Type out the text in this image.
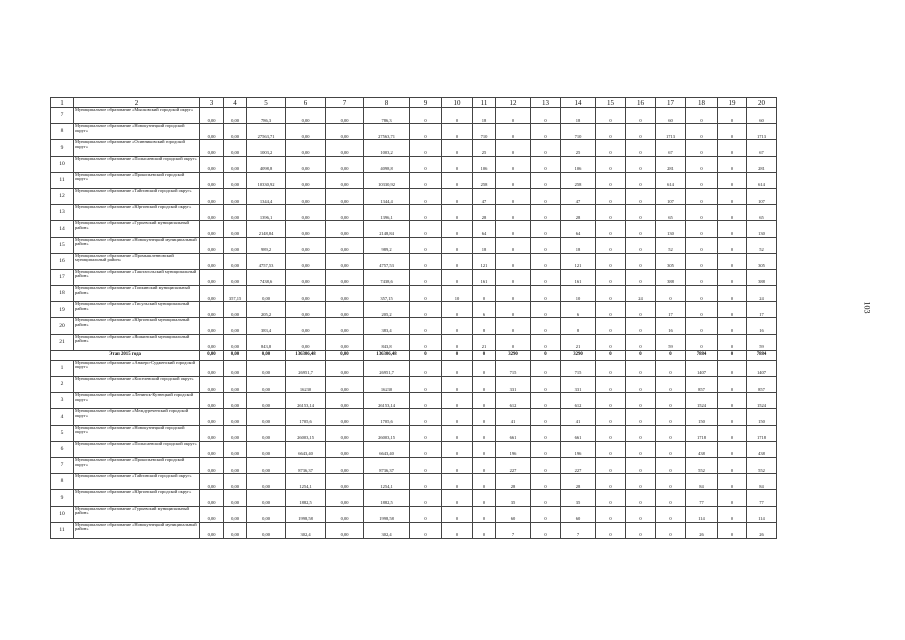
1	2	3	4	5	6	7	8	9	10	11	12	13	14	15	16	17	18	19	20
7	Муниципальное образование «Мысковский городской округ»	0,00	0,00	786,3	0,00	0,00	786,3	0	0	18	0	0	18	0	0	60	0	0	60
8	Муниципальное образование «Новокузнецкий городской округ»	0,00	0,00	27563,71	0,00	0,00	27563,71	0	0	710	0	0	710	0	0	1713	0	0	1713
9	Муниципальное образование «Осинниковский городской округ»	0,00	0,00	1003,2	0,00	0,00	1003,2	0	0	25	0	0	25	0	0	67	0	0	67
10	Муниципальное образование «Полысаевский городской округ»	0,00	0,00	4098,8	0,00	0,00	4098,8	0	0	106	0	0	106	0	0	281	0	0	281
11	Муниципальное образование «Прокопьевский городской округ»	0,00	0,00	10330,92	0,00	0,00	10330,92	0	0	258	0	0	258	0	0	614	0	0	614
12	Муниципальное образование «Тайгинский городской округ»	0,00	0,00	1344,4	0,00	0,00	1344,4	0	0	47	0	0	47	0	0	107	0	0	107
13	Муниципальное образование «Юргинский городской округ»	0,00	0,00	1396,1	0,00	0,00	1396,1	0	0	28	0	0	28	0	0	65	0	0	65
14	Муниципальное образование «Гурьевский муниципальный район»	0,00	0,00	2148,84	0,00	0,00	2148,84	0	0	64	0	0	64	0	0	130	0	0	130
15	Муниципальное образование «Новокузнецкий муниципальный район»	0,00	0,00	989,2	0,00	0,00	989,2	0	0	18	0	0	18	0	0	52	0	0	52
16	Муниципальное образование «Промышленновский муниципальный район»	0,00	0,00	4757,53	0,00	0,00	4757,53	0	0	121	0	0	121	0	0	305	0	0	305
17	Муниципальное образование «Таштагольский муниципальный район»	0,00	0,00	7438,6	0,00	0,00	7438,6	0	0	161	0	0	161	0	0	388	0	0	388
18	Муниципальное образование «Топкинский муниципальный район»	0,00	357,15	0,00	0,00	0,00	357,15	0	10	0	0	0	10	0	24	0	0	0	24
19	Муниципальное образование «Тисульский муниципальный район»	0,00	0,00	205,2	0,00	0,00	205,2	0	0	6	0	0	6	0	0	17	0	0	17
20	Муниципальное образование «Юргинский муниципальный район»	0,00	0,00	383,4	0,00	0,00	383,4	0	0	8	0	0	8	0	0	16	0	0	16
21	Муниципальное образование «Яшкинский муниципальный район»	0,00	0,00	843,8	0,00	0,00	843,8	0	0	21	0	0	21	0	0	59	0	0	59
Этап 2015 года		0,00	0,00	0,00	136306,48	0,00	136306,48	0	0	0	3290	0	3290	0	0	0	7884	0	7884
1	Муниципальное образование «Анжеро-Судженский городской округ»	0,00	0,00	0,00	26951,7	0,00	26951,7	0	0	0	715	0	715	0	0	0	1407	0	1407
2	Муниципальное образование «Киселевский городской округ»	0,00	0,00	0,00	16230	0,00	16230	0	0	0	331	0	331	0	0	0	857	0	857
3	Муниципальное образование «Ленинск-Кузнецкий городской округ»	0,00	0,00	0,00	26153,14	0,00	26153,14	0	0	0	612	0	612	0	0	0	1524	0	1524
4	Муниципальное образование «Междуреченский городской округ»	0,00	0,00	0,00	1705,6	0,00	1705,6	0	0	0	41	0	41	0	0	0	150	0	150
5	Муниципальное образование «Новокузнецкий городской округ»	0,00	0,00	0,00	26003,15	0,00	26003,15	0	0	0	661	0	661	0	0	0	1718	0	1718
6	Муниципальное образование «Полысаевский городской округ»	0,00	0,00	0,00	6643,40	0,00	6643,40	0	0	0	196	0	196	0	0	0	438	0	438
7	Муниципальное образование «Прокопьевский городской округ»	0,00	0,00	0,00	8736,37	0,00	8736,37	0	0	0	227	0	227	0	0	0	552	0	552
8	Муниципальное образование «Тайгинский городской округ»	0,00	0,00	0,00	1254,1	0,00	1254,1	0	0	0	28	0	28	0	0	0	84	0	84
9	Муниципальное образование «Юргинский городской округ»	0,00	0,00	0,00	1882,5	0,00	1882,5	0	0	0	35	0	35	0	0	0	77	0	77
10	Муниципальное образование «Гурьевский муниципальный район»	0,00	0,00	0,00	1998,58	0,00	1998,58	0	0	0	60	0	60	0	0	0	114	0	114
11	Муниципальное образование «Новокузнецкий муниципальный район»	0,00	0,00	0,00	302,4	0,00	302,4	0	0	0	7	0	7	0	0	0	26	0	26
103
